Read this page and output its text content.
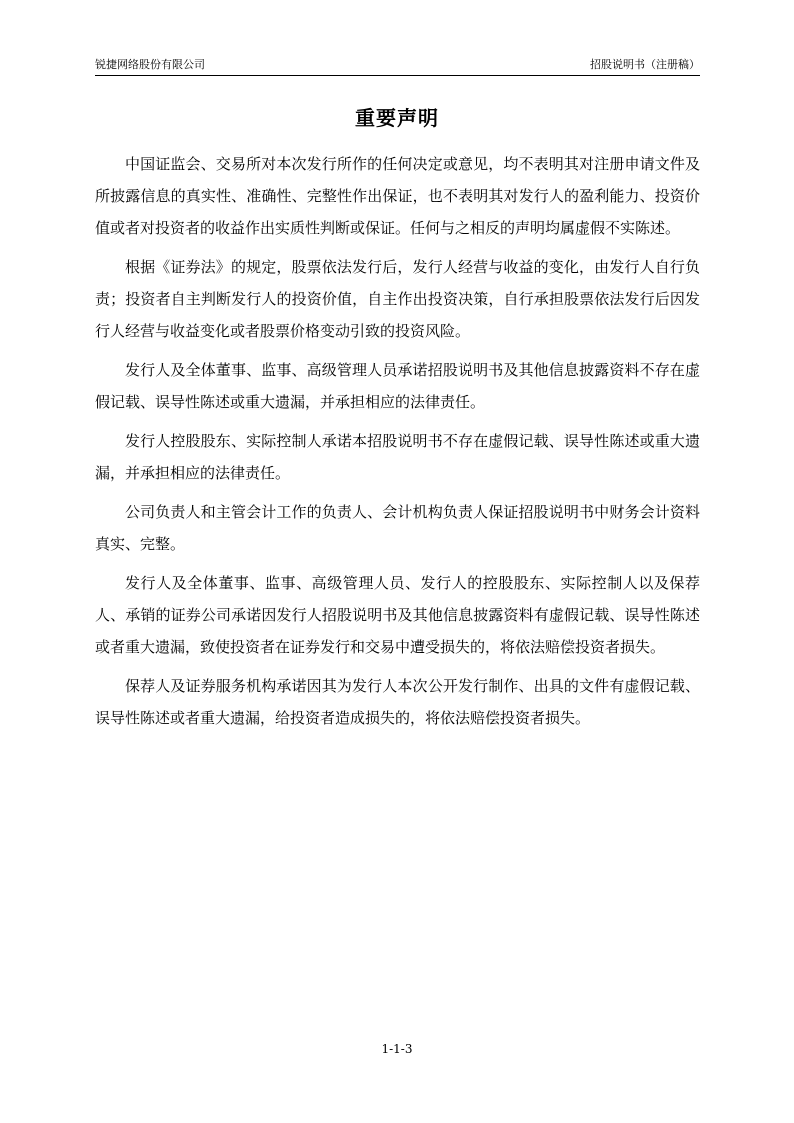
锐捷网络股份有限公司	招股说明书（注册稿）
重要声明

中国证监会、交易所对本次发行所作的任何决定或意见，均不表明其对注册申请文件及所披露信息的真实性、准确性、完整性作出保证，也不表明其对发行人的盈利能力、投资价值或者对投资者的收益作出实质性判断或保证。任何与之相反的声明均属虚假不实陈述。

根据《证券法》的规定，股票依法发行后，发行人经营与收益的变化，由发行人自行负责；投资者自主判断发行人的投资价值，自主作出投资决策，自行承担股票依法发行后因发行人经营与收益变化或者股票价格变动引致的投资风险。

发行人及全体董事、监事、高级管理人员承诺招股说明书及其他信息披露资料不存在虚假记载、误导性陈述或重大遗漏，并承担相应的法律责任。

发行人控股股东、实际控制人承诺本招股说明书不存在虚假记载、误导性陈述或重大遗漏，并承担相应的法律责任。

公司负责人和主管会计工作的负责人、会计机构负责人保证招股说明书中财务会计资料真实、完整。

发行人及全体董事、监事、高级管理人员、发行人的控股股东、实际控制人以及保荐人、承销的证券公司承诺因发行人招股说明书及其他信息披露资料有虚假记载、误导性陈述或者重大遗漏，致使投资者在证券发行和交易中遭受损失的，将依法赔偿投资者损失。

保荐人及证券服务机构承诺因其为发行人本次公开发行制作、出具的文件有虚假记载、误导性陈述或者重大遗漏，给投资者造成损失的，将依法赔偿投资者损失。

1-1-3
